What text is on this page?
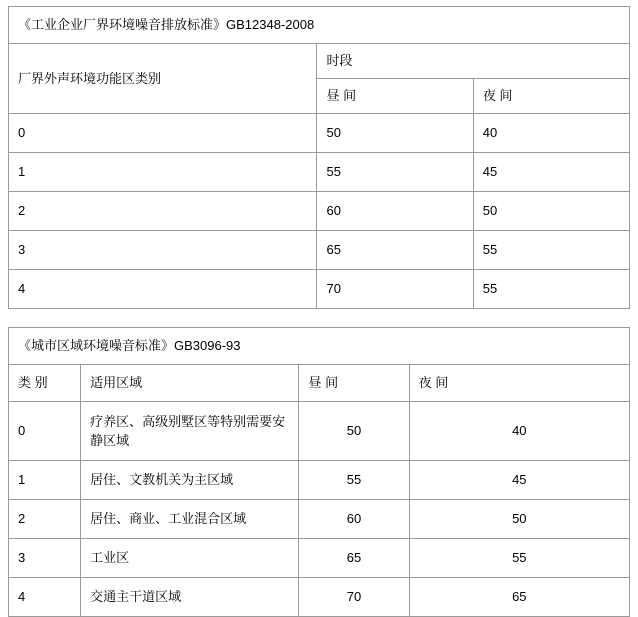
《工业企业厂界环境噪音排放标准》GB12348-2008		
厂界外声环境功能区类别	时段	
	昼 间	夜 间
0	50	40
1	55	45
2	60	50
3	65	55
4	70	55
《城市区域环境噪音标准》GB3096-93			
类 别	适用区域	昼 间	夜 间
0	疗养区、高级别墅区等特别需要安静区域	50	40
1	居住、文教机关为主区域	55	45
2	居住、商业、工业混合区域	60	50
3	工业区	65	55
4	交通主干道区域	70	65
